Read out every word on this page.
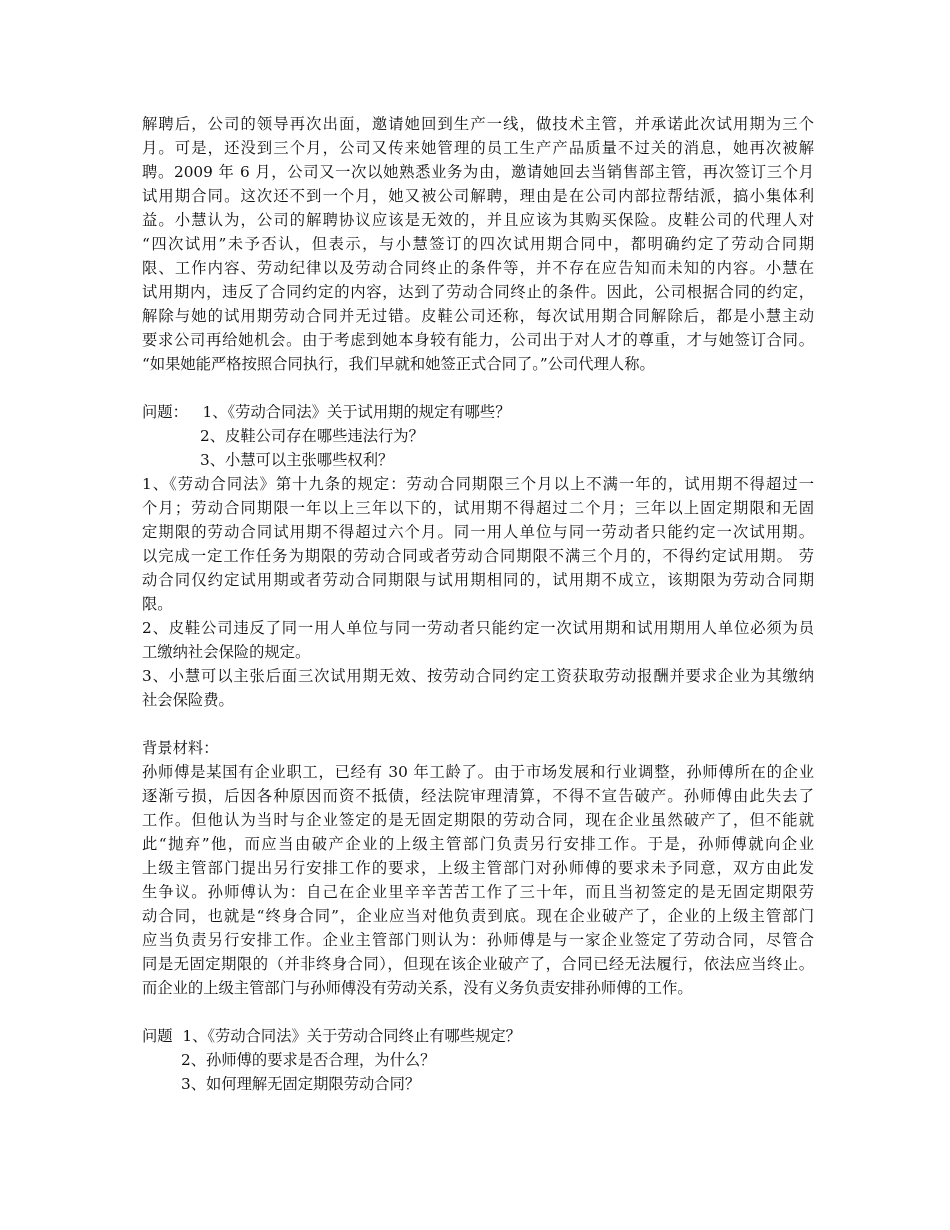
解聘后，公司的领导再次出面，邀请她回到生产一线，做技术主管，并承诺此次试用期为三个
月。可是，还没到三个月，公司又传来她管理的员工生产产品质量不过关的消息，她再次被解
聘。2009 年 6 月，公司又一次以她熟悉业务为由，邀请她回去当销售部主管，再次签订三个月
试用期合同。这次还不到一个月，她又被公司解聘，理由是在公司内部拉帮结派，搞小集体利
益。小慧认为，公司的解聘协议应该是无效的，并且应该为其购买保险。皮鞋公司的代理人对
“四次试用”未予否认，但表示，与小慧签订的四次试用期合同中，都明确约定了劳动合同期
限、工作内容、劳动纪律以及劳动合同终止的条件等，并不存在应告知而未知的内容。小慧在
试用期内，违反了合同约定的内容，达到了劳动合同终止的条件。因此，公司根据合同的约定，
解除与她的试用期劳动合同并无过错。皮鞋公司还称，每次试用期合同解除后，都是小慧主动
要求公司再给她机会。由于考虑到她本身较有能力，公司出于对人才的尊重，才与她签订合同。
“如果她能严格按照合同执行，我们早就和她签正式合同了。”公司代理人称。
问题： 1、《劳动合同法》关于试用期的规定有哪些？
2、皮鞋公司存在哪些违法行为？
3、小慧可以主张哪些权利？
1、《劳动合同法》第十九条的规定：劳动合同期限三个月以上不满一年的，试用期不得超过一
个月；劳动合同期限一年以上三年以下的，试用期不得超过二个月；三年以上固定期限和无固
定期限的劳动合同试用期不得超过六个月。同一用人单位与同一劳动者只能约定一次试用期。
以完成一定工作任务为期限的劳动合同或者劳动合同期限不满三个月的，不得约定试用期。 劳
动合同仅约定试用期或者劳动合同期限与试用期相同的，试用期不成立，该期限为劳动合同期
限。
2、皮鞋公司违反了同一用人单位与同一劳动者只能约定一次试用期和试用期用人单位必须为员
工缴纳社会保险的规定。
3、小慧可以主张后面三次试用期无效、按劳动合同约定工资获取劳动报酬并要求企业为其缴纳
社会保险费。
背景材料：
孙师傅是某国有企业职工，已经有 30 年工龄了。由于市场发展和行业调整，孙师傅所在的企业
逐渐亏损，后因各种原因而资不抵债，经法院审理清算，不得不宣告破产。孙师傅由此失去了
工作。但他认为当时与企业签定的是无固定期限的劳动合同，现在企业虽然破产了，但不能就
此“抛弃”他，而应当由破产企业的上级主管部门负责另行安排工作。于是，孙师傅就向企业
上级主管部门提出另行安排工作的要求，上级主管部门对孙师傅的要求未予同意，双方由此发
生争议。孙师傅认为：自己在企业里辛辛苦苦工作了三十年，而且当初签定的是无固定期限劳
动合同，也就是“终身合同”，企业应当对他负责到底。现在企业破产了，企业的上级主管部门
应当负责另行安排工作。企业主管部门则认为：孙师傅是与一家企业签定了劳动合同，尽管合
同是无固定期限的（并非终身合同），但现在该企业破产了，合同已经无法履行，依法应当终止。
而企业的上级主管部门与孙师傅没有劳动关系，没有义务负责安排孙师傅的工作。
问题 1、《劳动合同法》关于劳动合同终止有哪些规定？
2、孙师傅的要求是否合理，为什么？
3、如何理解无固定期限劳动合同？
